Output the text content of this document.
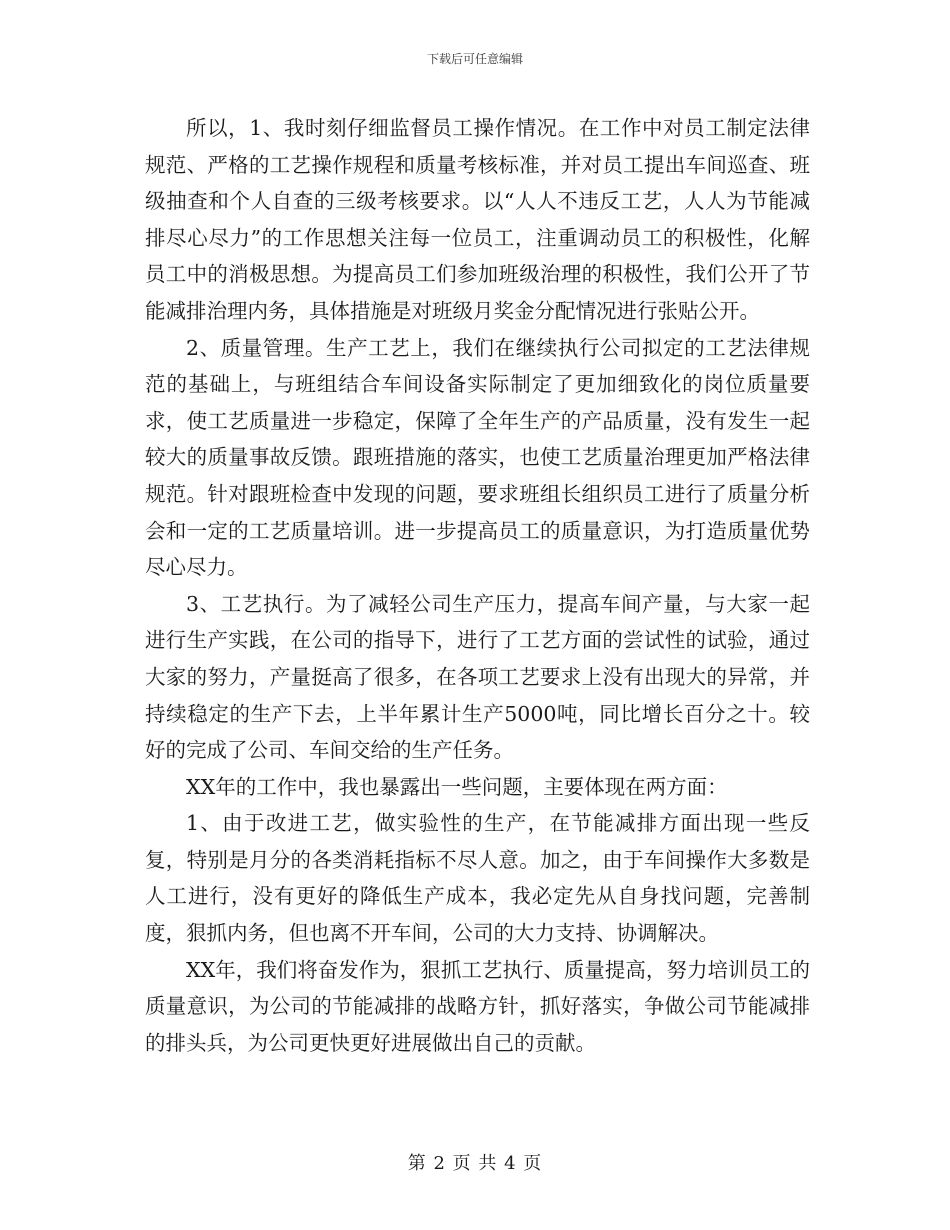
下载后可任意编辑

所以，1、我时刻仔细监督员工操作情况。在工作中对员工制定法律规范、严格的工艺操作规程和质量考核标准，并对员工提出车间巡查、班级抽查和个人自查的三级考核要求。以“人人不违反工艺，人人为节能减排尽心尽力”的工作思想关注每一位员工，注重调动员工的积极性，化解员工中的消极思想。为提高员工们参加班级治理的积极性，我们公开了节能减排治理内务，具体措施是对班级月奖金分配情况进行张贴公开。

2、质量管理。生产工艺上，我们在继续执行公司拟定的工艺法律规范的基础上，与班组结合车间设备实际制定了更加细致化的岗位质量要求，使工艺质量进一步稳定，保障了全年生产的产品质量，没有发生一起较大的质量事故反馈。跟班措施的落实，也使工艺质量治理更加严格法律规范。针对跟班检查中发现的问题，要求班组长组织员工进行了质量分析会和一定的工艺质量培训。进一步提高员工的质量意识，为打造质量优势尽心尽力。

3、工艺执行。为了减轻公司生产压力，提高车间产量，与大家一起进行生产实践，在公司的指导下，进行了工艺方面的尝试性的试验，通过大家的努力，产量挺高了很多，在各项工艺要求上没有出现大的异常，并持续稳定的生产下去，上半年累计生产5000吨，同比增长百分之十。较好的完成了公司、车间交给的生产任务。

XX年的工作中，我也暴露出一些问题，主要体现在两方面：

1、由于改进工艺，做实验性的生产，在节能减排方面出现一些反复，特别是月分的各类消耗指标不尽人意。加之，由于车间操作大多数是人工进行，没有更好的降低生产成本，我必定先从自身找问题，完善制度，狠抓内务，但也离不开车间，公司的大力支持、协调解决。

XX年，我们将奋发作为，狠抓工艺执行、质量提高，努力培训员工的质量意识，为公司的节能减排的战略方针，抓好落实，争做公司节能减排的排头兵，为公司更快更好进展做出自己的贡献。

第 2 页 共 4 页
